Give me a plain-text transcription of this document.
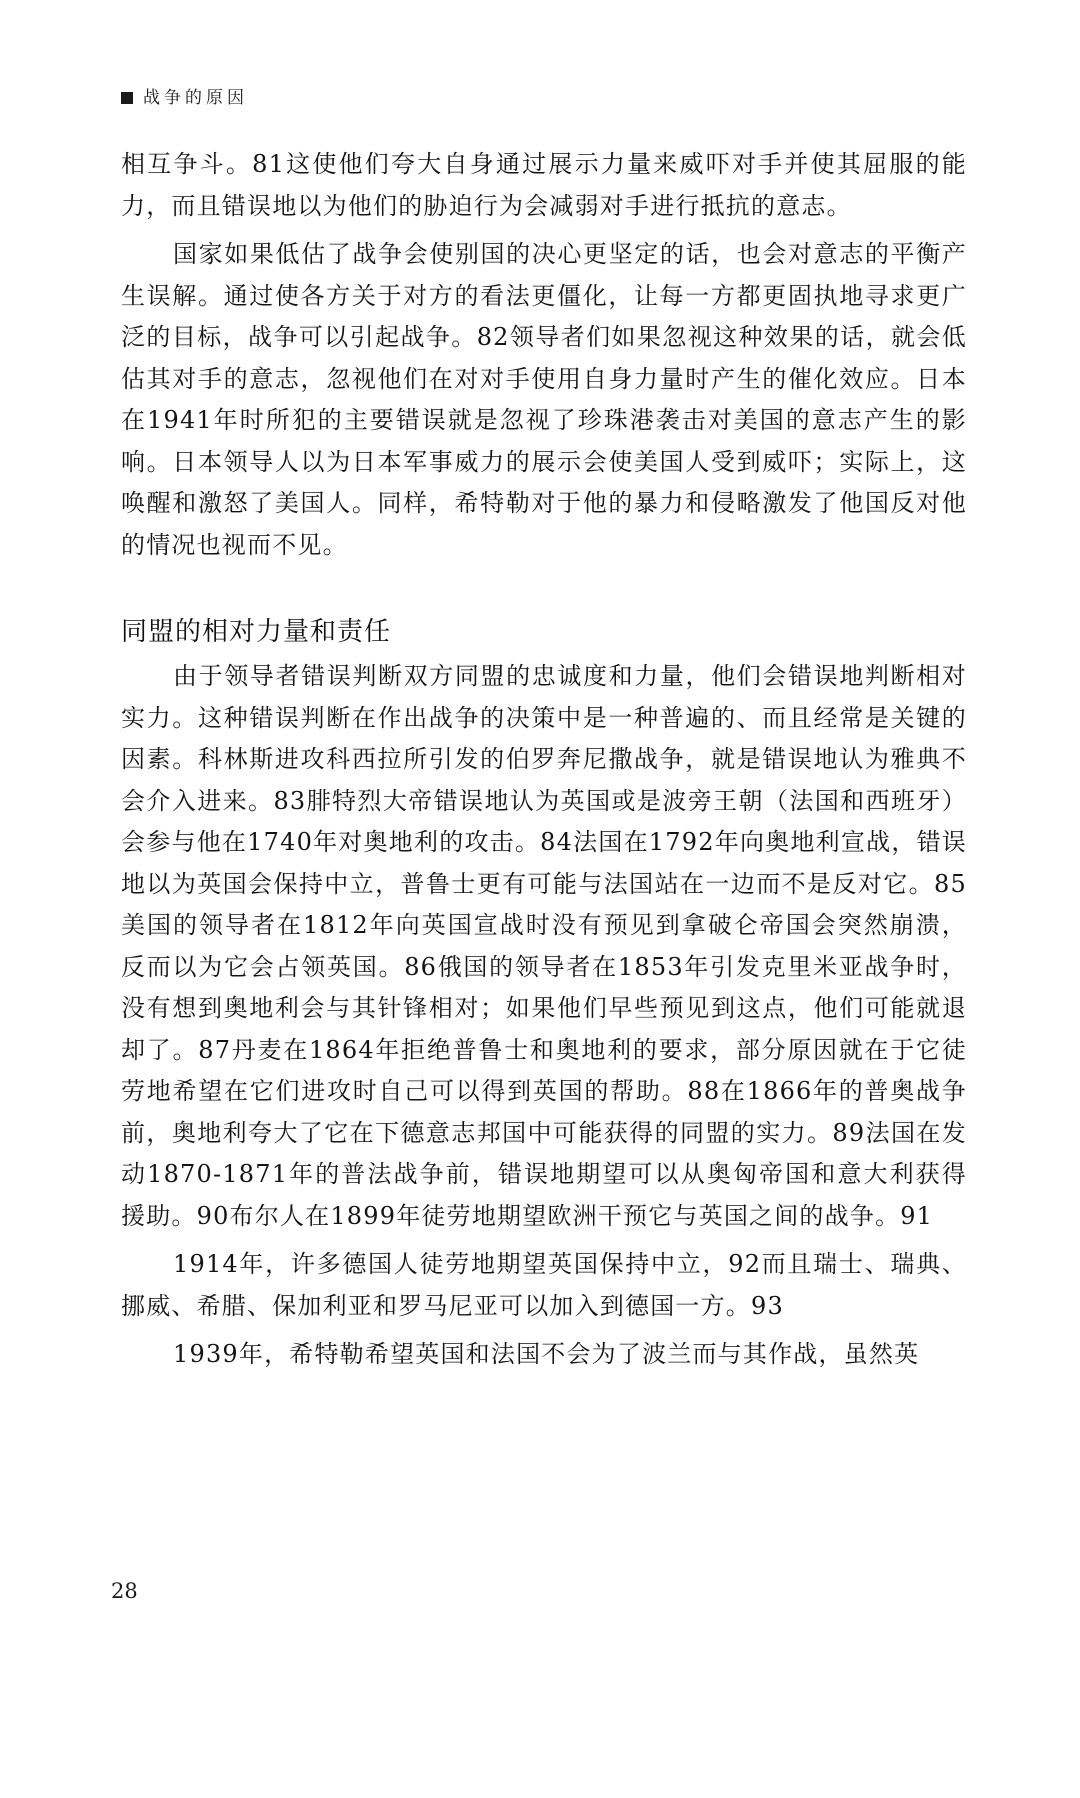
战争的原因

相互争斗。81这使他们夸大自身通过展示力量来威吓对手并使其屈服的能力，而且错误地以为他们的胁迫行为会减弱对手进行抵抗的意志。

国家如果低估了战争会使别国的决心更坚定的话，也会对意志的平衡产生误解。通过使各方关于对方的看法更僵化，让每一方都更固执地寻求更广泛的目标，战争可以引起战争。82领导者们如果忽视这种效果的话，就会低估其对手的意志，忽视他们在对对手使用自身力量时产生的催化效应。日本在1941年时所犯的主要错误就是忽视了珍珠港袭击对美国的意志产生的影响。日本领导人以为日本军事威力的展示会使美国人受到威吓；实际上，这唤醒和激怒了美国人。同样，希特勒对于他的暴力和侵略激发了他国反对他的情况也视而不见。

同盟的相对力量和责任

由于领导者错误判断双方同盟的忠诚度和力量，他们会错误地判断相对实力。这种错误判断在作出战争的决策中是一种普遍的、而且经常是关键的因素。科林斯进攻科西拉所引发的伯罗奔尼撒战争，就是错误地认为雅典不会介入进来。83腓特烈大帝错误地认为英国或是波旁王朝（法国和西班牙）会参与他在1740年对奥地利的攻击。84法国在1792年向奥地利宣战，错误地以为英国会保持中立，普鲁士更有可能与法国站在一边而不是反对它。85美国的领导者在1812年向英国宣战时没有预见到拿破仑帝国会突然崩溃，反而以为它会占领英国。86俄国的领导者在1853年引发克里米亚战争时，没有想到奥地利会与其针锋相对；如果他们早些预见到这点，他们可能就退却了。87丹麦在1864年拒绝普鲁士和奥地利的要求，部分原因就在于它徒劳地希望在它们进攻时自己可以得到英国的帮助。88在1866年的普奥战争前，奥地利夸大了它在下德意志邦国中可能获得的同盟的实力。89法国在发动1870-1871年的普法战争前，错误地期望可以从奥匈帝国和意大利获得援助。90布尔人在1899年徒劳地期望欧洲干预它与英国之间的战争。91

1914年，许多德国人徒劳地期望英国保持中立，92而且瑞士、瑞典、挪威、希腊、保加利亚和罗马尼亚可以加入到德国一方。93

1939年，希特勒希望英国和法国不会为了波兰而与其作战，虽然英

28
